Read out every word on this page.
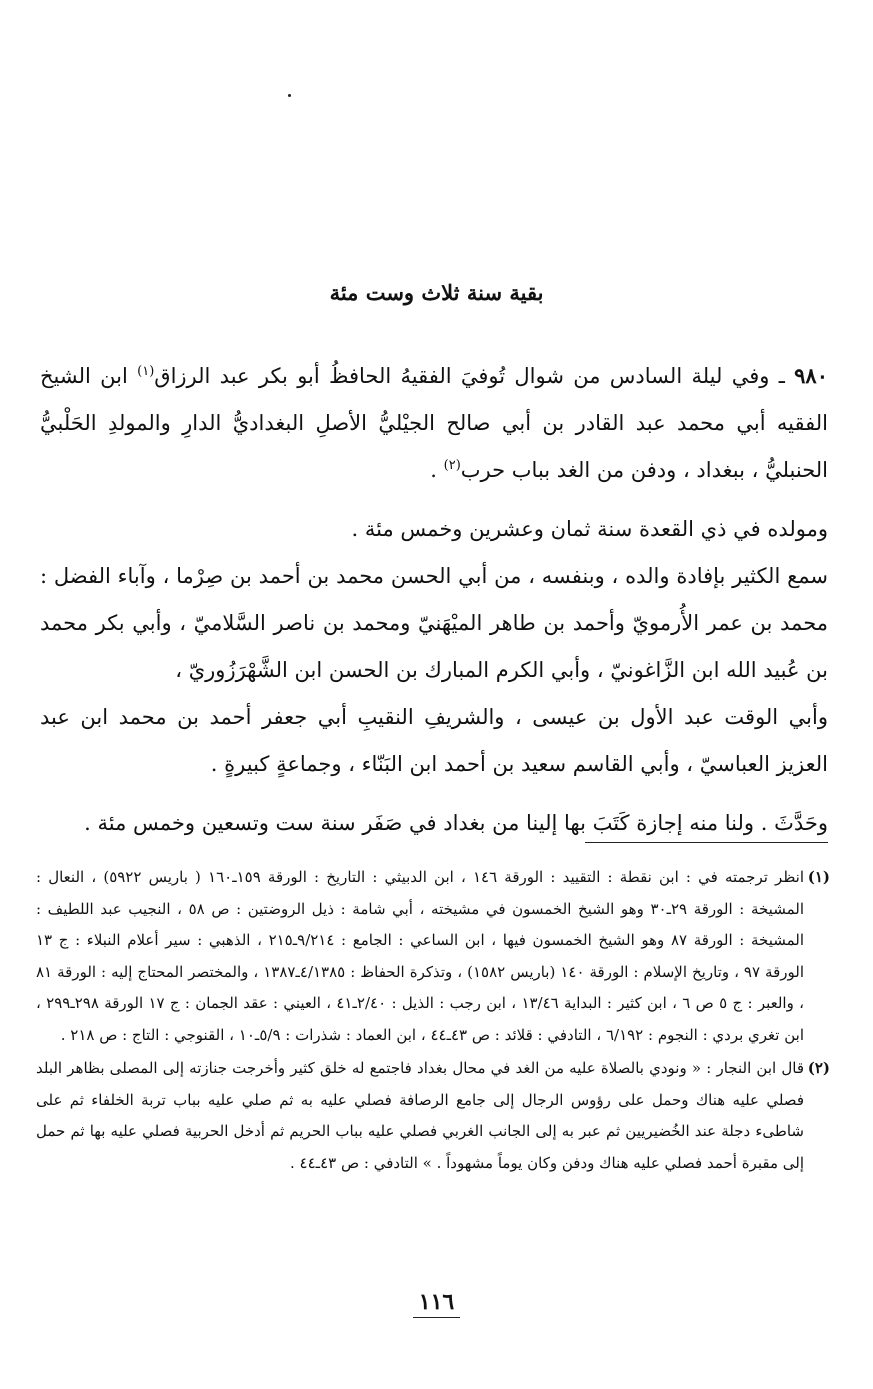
بقية سنة ثلاث وست مئة

٩٨٠ ـ وفي ليلة السادس من شوال تُوفيَ الفقيهُ الحافظُ أبو بكر عبد الرزاق$^{(١)}$ ابن الشيخ الفقيه أبي محمد عبد القادر بن أبي صالح الجيْليُّ الأصلِ البغداديُّ الدارِ والمولدِ الحَلْبيُّ الحنبليُّ ، ببغداد ، ودفن من الغد بباب حرب$^{(٢)}$ .

ومولده في ذي القعدة سنة ثمان وعشرين وخمس مئة .

سمع الكثير بإفادة والده ، وبنفسه ، من أبي الحسن محمد بن أحمد بن صِرْما ، وآباء الفضل : محمد بن عمر الأُرمويّ وأحمد بن طاهر الميْهَنيّ ومحمد بن ناصر السَّلاميّ ، وأبي بكر محمد بن عُبيد الله ابن الزَّاغونيّ ، وأبي الكرم المبارك بن الحسن ابن الشَّهْرَزُوريّ ،

وأبي الوقت عبد الأول بن عيسى ، والشريفِ النقيبِ أبي جعفر أحمد بن محمد ابن عبد العزيز العباسيّ ، وأبي القاسم سعيد بن أحمد ابن البَنّاء ، وجماعةٍ كبيرةٍ .

وحَدَّثَ . ولنا منه إجازة كَتَبَ بها إلينا من بغداد في صَفَر سنة ست وتسعين وخمس مئة .

(١)
انظر ترجمته في : ابن نقطة : التقييد : الورقة ١٤٦ ، ابن الدبيثي : التاريخ : الورقة ١٥٩ـ١٦٠ ( باريس ٥٩٢٢) ، النعال : المشيخة : الورقة ٢٩ـ٣٠ وهو الشيخ الخمسون في مشيخته ، أبي شامة : ذيل الروضتين : ص ٥٨ ، النجيب عبد اللطيف : المشيخة : الورقة ٨٧ وهو الشيخ الخمسون فيها ، ابن الساعي : الجامع : ٩/٢١٤ـ٢١٥ ، الذهبي : سير أعلام النبلاء : ج ١٣ الورقة ٩٧ ، وتاريخ الإسلام : الورقة ١٤٠ (باريس ١٥٨٢) ، وتذكرة الحفاظ : ٤/١٣٨٥ـ١٣٨٧ ، والمختصر المحتاج إليه : الورقة ٨١ ، والعبر : ج ٥ ص ٦ ، ابن كثير : البداية ١٣/٤٦ ، ابن رجب : الذيل : ٢/٤٠ـ٤١ ، العيني : عقد الجمان : ج ١٧ الورقة ٢٩٨ـ٢٩٩ ، ابن تغري بردي : النجوم : ٦/١٩٢ ، التادفي : قلائد : ص ٤٣ـ٤٤ ، ابن العماد : شذرات : ٥/٩ـ١٠ ، القنوجي : التاج : ص ٢١٨ .
(٢)
قال ابن النجار : « ونودي بالصلاة عليه من الغد في محال بغداد فاجتمع له خلق كثير وأخرجت جنازته إلى المصلى بظاهر البلد فصلي عليه هناك وحمل على رؤوس الرجال إلى جامع الرصافة فصلي عليه به ثم صلي عليه بباب تربة الخلفاء ثم على شاطىء دجلة عند الخُضيريين ثم عبر به إلى الجانب الغربي فصلي عليه بباب الحريم ثم أدخل الحربية فصلي عليه بها ثم حمل إلى مقبرة أحمد فصلي عليه هناك ودفن وكان يوماً مشهوداً . » التادفي : ص ٤٣ـ٤٤ .
١١٦
